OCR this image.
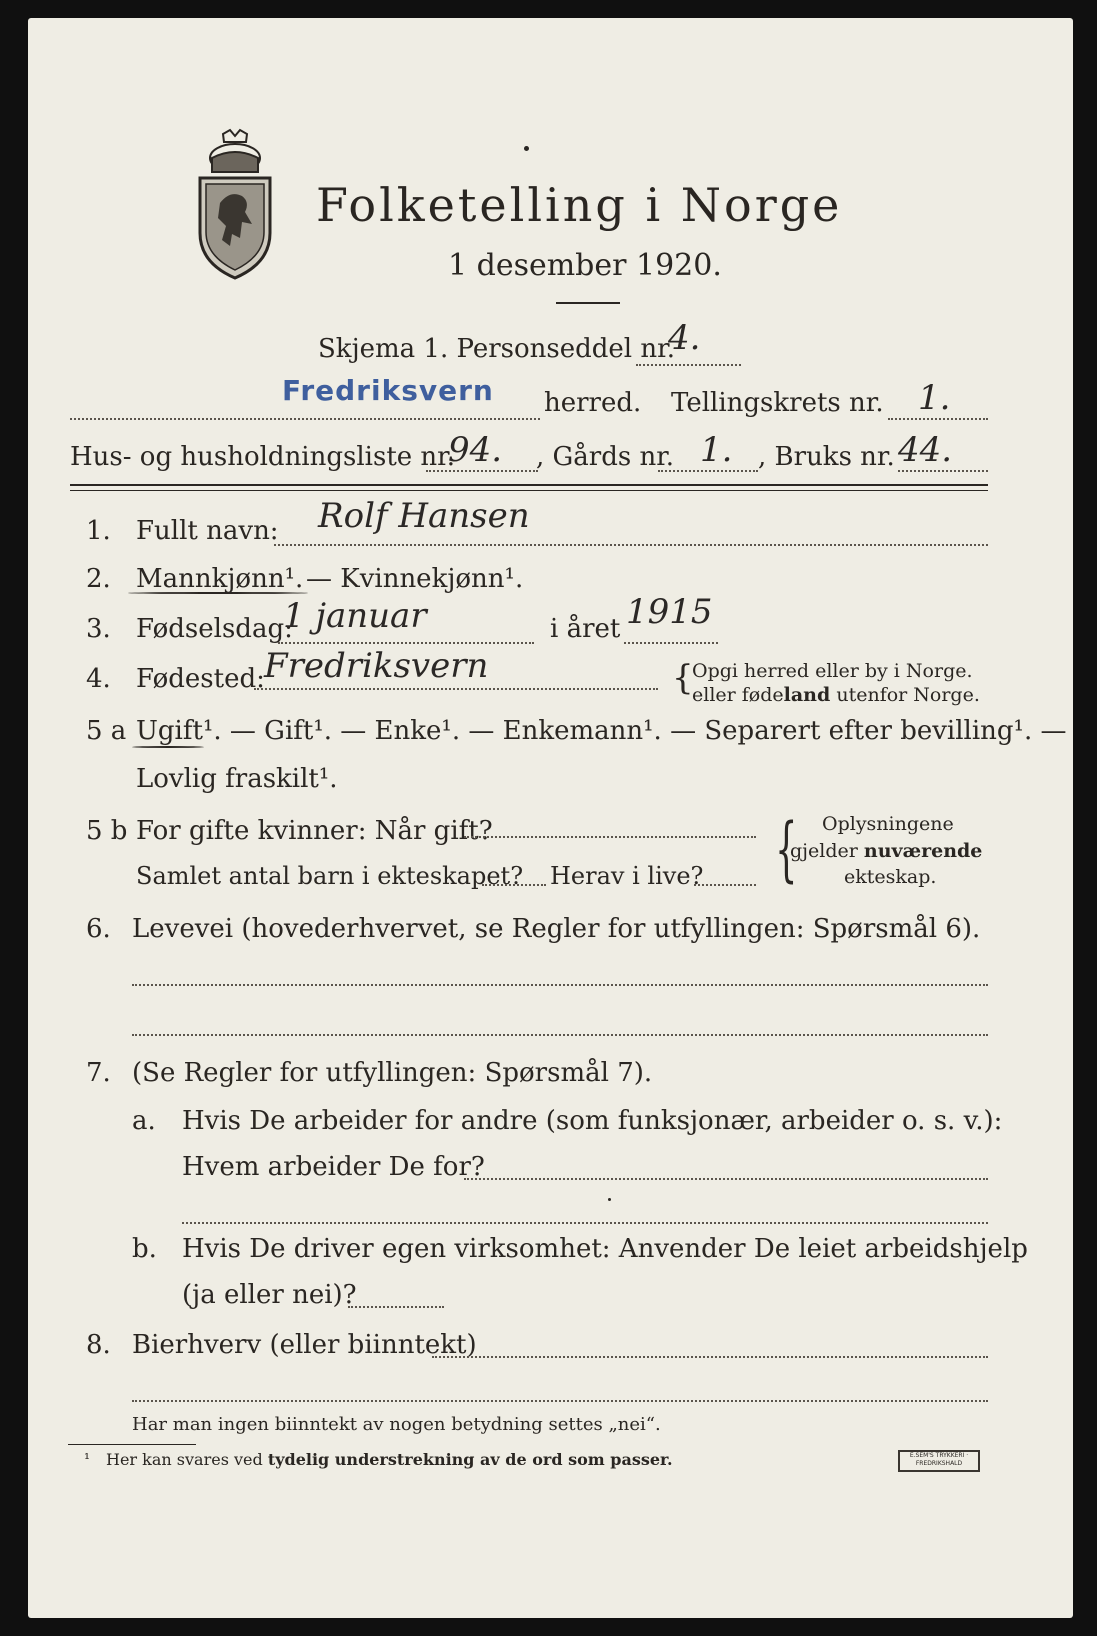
Folketelling i Norge
1 desember 1920.
Skjema 1. Personseddel nr.
4.
Fredriksvern herred. Tellingskrets nr. 1.
Hus- og husholdningsliste nr.
94. , Gårds nr. 1. , Bruks nr. 44.
1. Fullt navn: Rolf Hansen
2. Mannkjønn¹. — Kvinnekjønn¹.
3. Fødselsdag:
1 januar	i året 1915
4. Fødested: Fredriksvern	{
Opgi herred eller by i Norge.
eller fødeland utenfor Norge.
5 a Ugift¹. — Gift¹. — Enke¹. — Enkemann¹. — Separert efter bevilling¹. —
Lovlig fraskilt¹.
5 b For gifte kvinner: Når gift?
Samlet antal barn i ekteskapet? Herav i live? { Oplysningene
gjelder nuværende
ekteskap.
6. Levevei (hovederhvervet, se Regler for utfyllingen: Spørsmål 6).
7. (Se Regler for utfyllingen: Spørsmål 7).
a. Hvis De arbeider for andre (som funksjonær, arbeider o. s. v.):
Hvem arbeider De for?
b. Hvis De driver egen virksomhet: Anvender De leiet arbeidshjelp
(ja eller nei)?
8. Bierhverv (eller biinntekt)
Har man ingen biinntekt av nogen betydning settes „nei“.
¹ Her kan svares ved tydelig understrekning av de ord som passer.	E.SEM'S TRYKKERI · FREDRIKSHALD
